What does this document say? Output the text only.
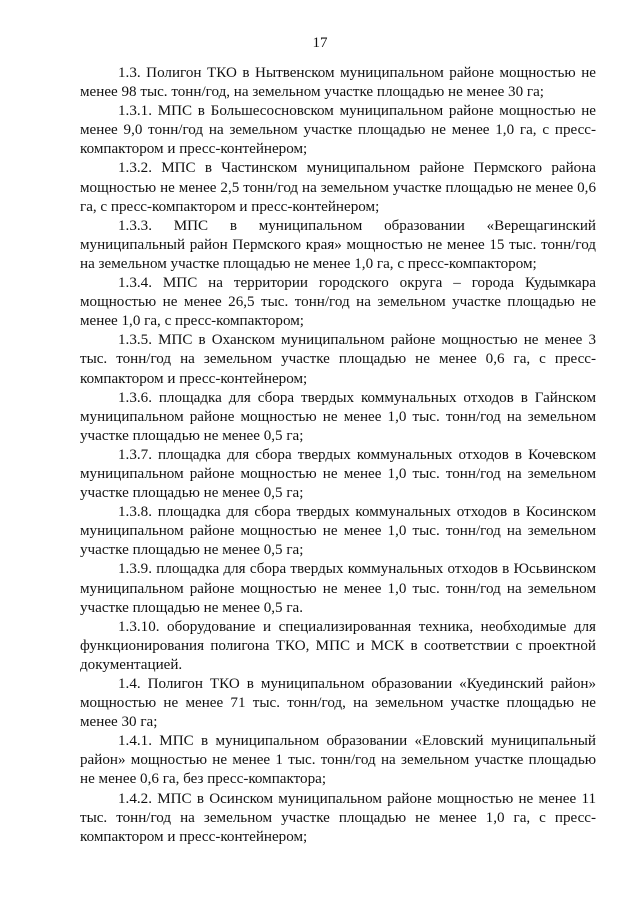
17

1.3. Полигон ТКО в Нытвенском муниципальном районе мощностью не менее 98 тыс. тонн/год, на земельном участке площадью не менее 30 га;

1.3.1. МПС в Большесосновском муниципальном районе мощностью не менее 9,0 тонн/год на земельном участке площадью не менее 1,0 га, с пресс-компактором и пресс-контейнером;

1.3.2. МПС в Частинском муниципальном районе Пермского района мощностью не менее 2,5 тонн/год на земельном участке площадью не менее 0,6 га, с пресс-компактором и пресс-контейнером;

1.3.3. МПС в муниципальном образовании «Верещагинский муниципальный район Пермского края» мощностью не менее 15 тыс. тонн/год на земельном участке площадью не менее 1,0 га, с пресс-компактором;

1.3.4. МПС на территории городского округа – города Кудымкара мощностью не менее 26,5 тыс. тонн/год на земельном участке площадью не менее 1,0 га, с пресс-компактором;

1.3.5. МПС в Оханском муниципальном районе мощностью не менее 3 тыс. тонн/год на земельном участке площадью не менее 0,6 га, с пресс-компактором и пресс-контейнером;

1.3.6. площадка для сбора твердых коммунальных отходов в Гайнском муниципальном районе мощностью не менее 1,0 тыс. тонн/год на земельном участке площадью не менее 0,5 га;

1.3.7. площадка для сбора твердых коммунальных отходов в Кочевском муниципальном районе мощностью не менее 1,0 тыс. тонн/год на земельном участке площадью не менее 0,5 га;

1.3.8. площадка для сбора твердых коммунальных отходов в Косинском муниципальном районе мощностью не менее 1,0 тыс. тонн/год на земельном участке площадью не менее 0,5 га;

1.3.9. площадка для сбора твердых коммунальных отходов в Юсьвинском муниципальном районе мощностью не менее 1,0 тыс. тонн/год на земельном участке площадью не менее 0,5 га.

1.3.10. оборудование и специализированная техника, необходимые для функционирования полигона ТКО, МПС и МСК в соответствии с проектной документацией.

1.4. Полигон ТКО в муниципальном образовании «Куединский район» мощностью не менее 71 тыс. тонн/год, на земельном участке площадью не менее 30 га;

1.4.1. МПС в муниципальном образовании «Еловский муниципальный район» мощностью не менее 1 тыс. тонн/год на земельном участке площадью не менее 0,6 га, без пресс-компактора;

1.4.2. МПС в Осинском муниципальном районе мощностью не менее 11 тыс. тонн/год на земельном участке площадью не менее 1,0 га, с пресс-компактором и пресс-контейнером;
